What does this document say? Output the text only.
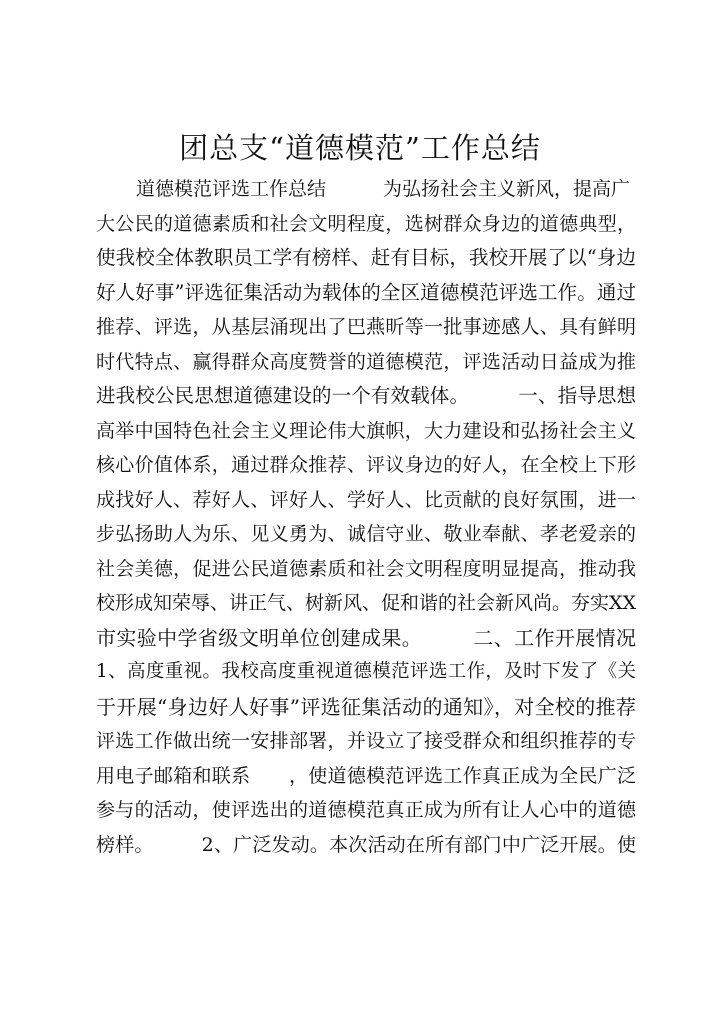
团总支“道德模范”工作总结
道德模范评选工作总结　　　为弘扬社会主义新风，提高广
大公民的道德素质和社会文明程度，选树群众身边的道德典型，
使我校全体教职员工学有榜样、赶有目标，我校开展了以“身边
好人好事”评选征集活动为载体的全区道德模范评选工作。通过
推荐、评选，从基层涌现出了巴燕昕等一批事迹感人、具有鲜明
时代特点、赢得群众高度赞誉的道德模范，评选活动日益成为推
进我校公民思想道德建设的一个有效载体。　　　一、指导思想
高举中国特色社会主义理论伟大旗帜，大力建设和弘扬社会主义
核心价值体系，通过群众推荐、评议身边的好人，在全校上下形
成找好人、荐好人、评好人、学好人、比贡献的良好氛围，进一
步弘扬助人为乐、见义勇为、诚信守业、敬业奉献、孝老爱亲的
社会美德，促进公民道德素质和社会文明程度明显提高，推动我
校形成知荣辱、讲正气、树新风、促和谐的社会新风尚。夯实XX
市实验中学省级文明单位创建成果。　　　二、工作开展情况
1、高度重视。我校高度重视道德模范评选工作，及时下发了《关
于开展“身边好人好事”评选征集活动的通知》，对全校的推荐
评选工作做出统一安排部署，并设立了接受群众和组织推荐的专
用电子邮箱和联系　　，使道德模范评选工作真正成为全民广泛
参与的活动，使评选出的道德模范真正成为所有让人心中的道德
榜样。　　　2、广泛发动。本次活动在所有部门中广泛开展。使
